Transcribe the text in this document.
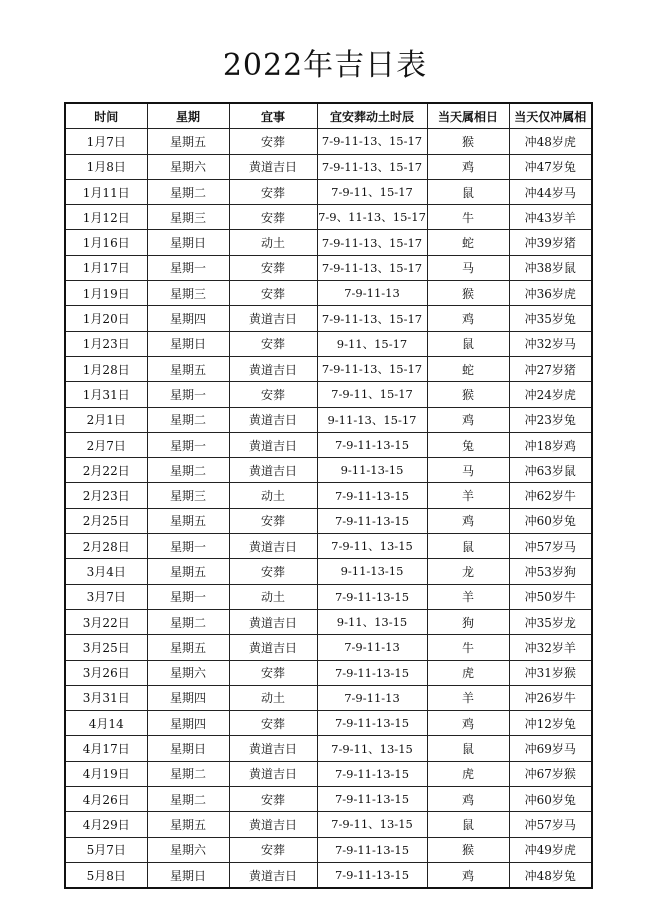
2022年吉日表
时间	星期	宜事	宜安葬动土时辰	当天属相日	当天仅冲属相
1月7日	星期五	安葬	7-9-11-13、15-17	猴	冲48岁虎
1月8日	星期六	黄道吉日	7-9-11-13、15-17	鸡	冲47岁兔
1月11日	星期二	安葬	7-9-11、15-17	鼠	冲44岁马
1月12日	星期三	安葬	7-9、11-13、15-17	牛	冲43岁羊
1月16日	星期日	动土	7-9-11-13、15-17	蛇	冲39岁猪
1月17日	星期一	安葬	7-9-11-13、15-17	马	冲38岁鼠
1月19日	星期三	安葬	7-9-11-13	猴	冲36岁虎
1月20日	星期四	黄道吉日	7-9-11-13、15-17	鸡	冲35岁兔
1月23日	星期日	安葬	9-11、15-17	鼠	冲32岁马
1月28日	星期五	黄道吉日	7-9-11-13、15-17	蛇	冲27岁猪
1月31日	星期一	安葬	7-9-11、15-17	猴	冲24岁虎
2月1日	星期二	黄道吉日	9-11-13、15-17	鸡	冲23岁兔
2月7日	星期一	黄道吉日	7-9-11-13-15	兔	冲18岁鸡
2月22日	星期二	黄道吉日	9-11-13-15	马	冲63岁鼠
2月23日	星期三	动土	7-9-11-13-15	羊	冲62岁牛
2月25日	星期五	安葬	7-9-11-13-15	鸡	冲60岁兔
2月28日	星期一	黄道吉日	7-9-11、13-15	鼠	冲57岁马
3月4日	星期五	安葬	9-11-13-15	龙	冲53岁狗
3月7日	星期一	动土	7-9-11-13-15	羊	冲50岁牛
3月22日	星期二	黄道吉日	9-11、13-15	狗	冲35岁龙
3月25日	星期五	黄道吉日	7-9-11-13	牛	冲32岁羊
3月26日	星期六	安葬	7-9-11-13-15	虎	冲31岁猴
3月31日	星期四	动土	7-9-11-13	羊	冲26岁牛
4月14	星期四	安葬	7-9-11-13-15	鸡	冲12岁兔
4月17日	星期日	黄道吉日	7-9-11、13-15	鼠	冲69岁马
4月19日	星期二	黄道吉日	7-9-11-13-15	虎	冲67岁猴
4月26日	星期二	安葬	7-9-11-13-15	鸡	冲60岁兔
4月29日	星期五	黄道吉日	7-9-11、13-15	鼠	冲57岁马
5月7日	星期六	安葬	7-9-11-13-15	猴	冲49岁虎
5月8日	星期日	黄道吉日	7-9-11-13-15	鸡	冲48岁兔
